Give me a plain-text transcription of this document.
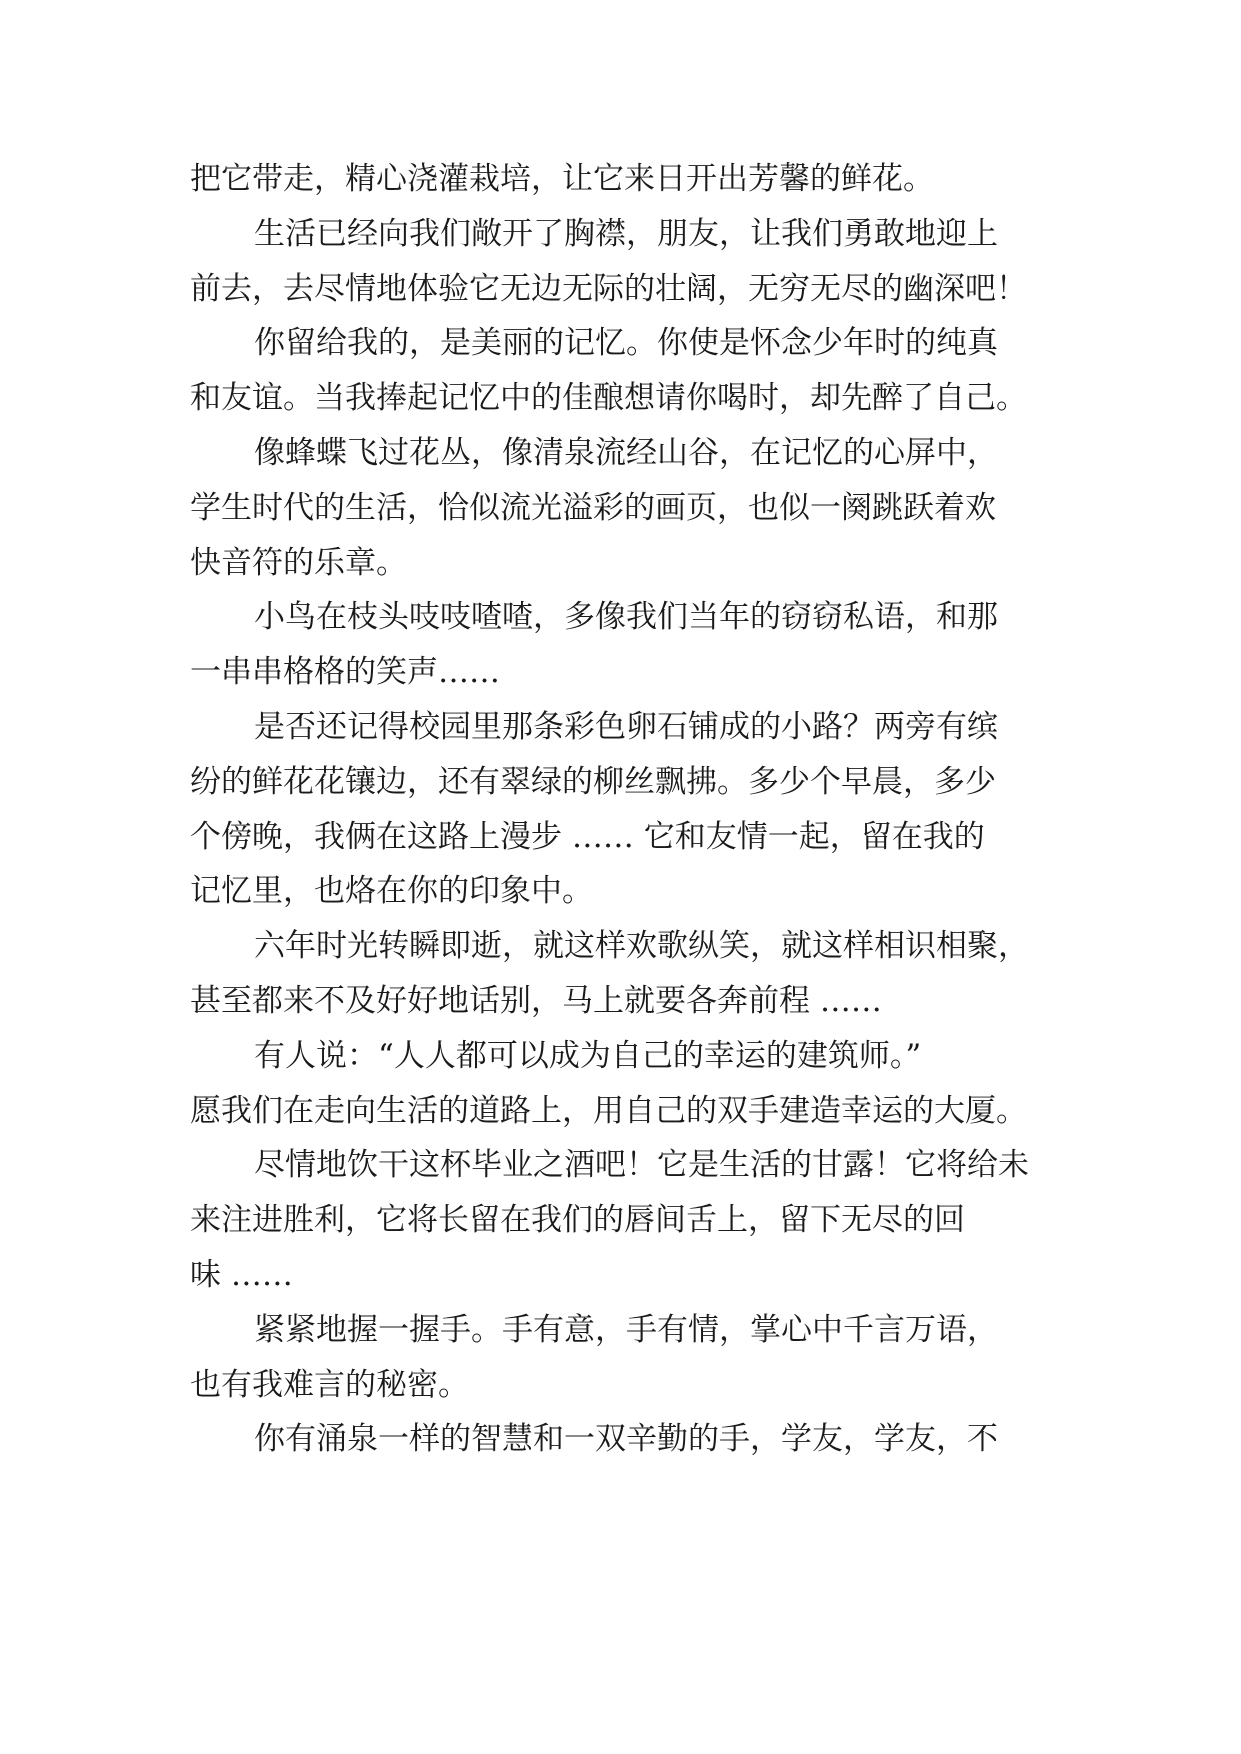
把它带走，精心浇灌栽培，让它来日开出芳馨的鲜花。
生活已经向我们敞开了胸襟，朋友，让我们勇敢地迎上
前去，去尽情地体验它无边无际的壮阔，无穷无尽的幽深吧！
你留给我的，是美丽的记忆。你使是怀念少年时的纯真
和友谊。当我捧起记忆中的佳酿想请你喝时，却先醉了自己。
像蜂蝶飞过花丛，像清泉流经山谷，在记忆的心屏中，
学生时代的生活，恰似流光溢彩的画页，也似一阕跳跃着欢
快音符的乐章。
小鸟在枝头吱吱喳喳，多像我们当年的窃窃私语，和那
一串串格格的笑声……
是否还记得校园里那条彩色卵石铺成的小路？两旁有缤
纷的鲜花花镶边，还有翠绿的柳丝飘拂。多少个早晨，多少
个傍晚，我俩在这路上漫步 …… 它和友情一起，留在我的
记忆里，也烙在你的印象中。
六年时光转瞬即逝，就这样欢歌纵笑，就这样相识相聚，
甚至都来不及好好地话别，马上就要各奔前程 ……
有人说：“人人都可以成为自己的幸运的建筑师。”
愿我们在走向生活的道路上，用自己的双手建造幸运的大厦。
尽情地饮干这杯毕业之酒吧！它是生活的甘露！它将给未
来注进胜利，它将长留在我们的唇间舌上，留下无尽的回
味 ……
紧紧地握一握手。手有意，手有情，掌心中千言万语，
也有我难言的秘密。
你有涌泉一样的智慧和一双辛勤的手，学友，学友，不
